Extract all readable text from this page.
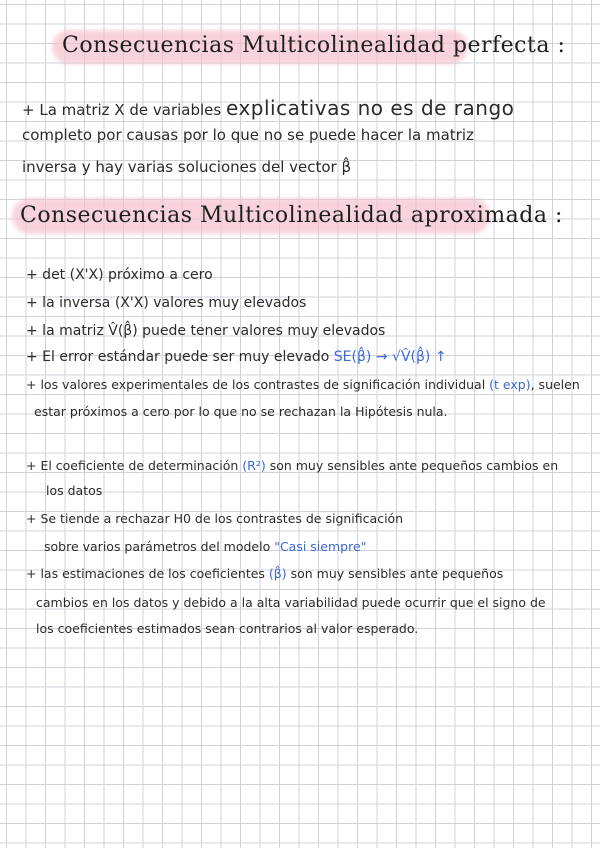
Consecuencias Multicolinealidad perfecta :
+ La matriz X de variables explicativas no es de rango
completo por causas por lo que no se puede hacer la matriz
inversa y hay varias soluciones del vector β̂
Consecuencias Multicolinealidad aproximada :
+ det (X'X) próximo a cero
+ la inversa (X'X) valores muy elevados
+ la matriz V̂(β̂) puede tener valores muy elevados
+ El error estándar puede ser muy elevado SE(β̂) → √V̂(β̂) ↑
+ los valores experimentales de los contrastes de significación individual (t exp), suelen
estar próximos a cero por lo que no se rechazan la Hipótesis nula.
+ El coeficiente de determinación (R²) son muy sensibles ante pequeños cambios en
los datos
+ Se tiende a rechazar H0 de los contrastes de significación
sobre varios parámetros del modelo "Casi siempre"
+ las estimaciones de los coeficientes (β̂) son muy sensibles ante pequeños
cambios en los datos y debido a la alta variabilidad puede ocurrir que el signo de
los coeficientes estimados sean contrarios al valor esperado.
